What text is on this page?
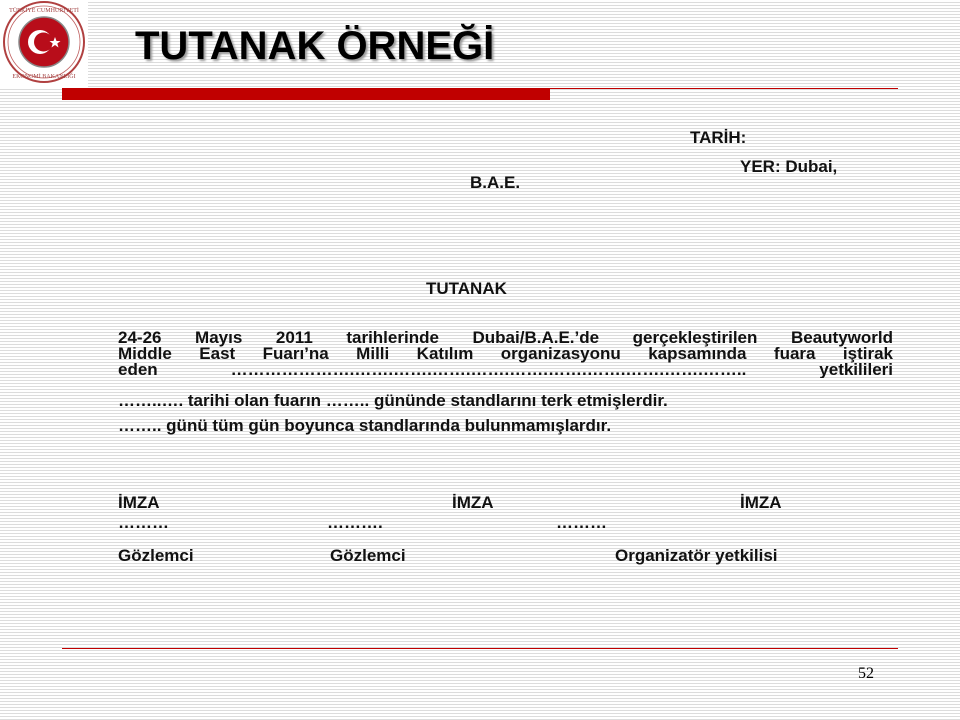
TÜRKİYE CUMHURİYETİ
EKONOMİ BAKANLIĞI
TUTANAK ÖRNEĞİ
TARİH:
YER: Dubai,
B.A.E.
TUTANAK
24-26 Mayıs 2011 tarihlerinde Dubai/B.A.E.’de gerçekleştirilen Beautyworld
Middle East Fuarı’na Milli Katılım organizasyonu kapsamında fuara iştirak
eden ………………….…….…….…….…….…….…….…….…….…….…….. yetkilileri
……..…. tarihi olan fuarın …….. gününde standlarını terk etmişlerdir.
…….. günü tüm gün boyunca standlarında bulunmamışlardır.
İMZA	İMZA	İMZA
………	……….	………
Gözlemci	Gözlemci	Organizatör yetkilisi
52
